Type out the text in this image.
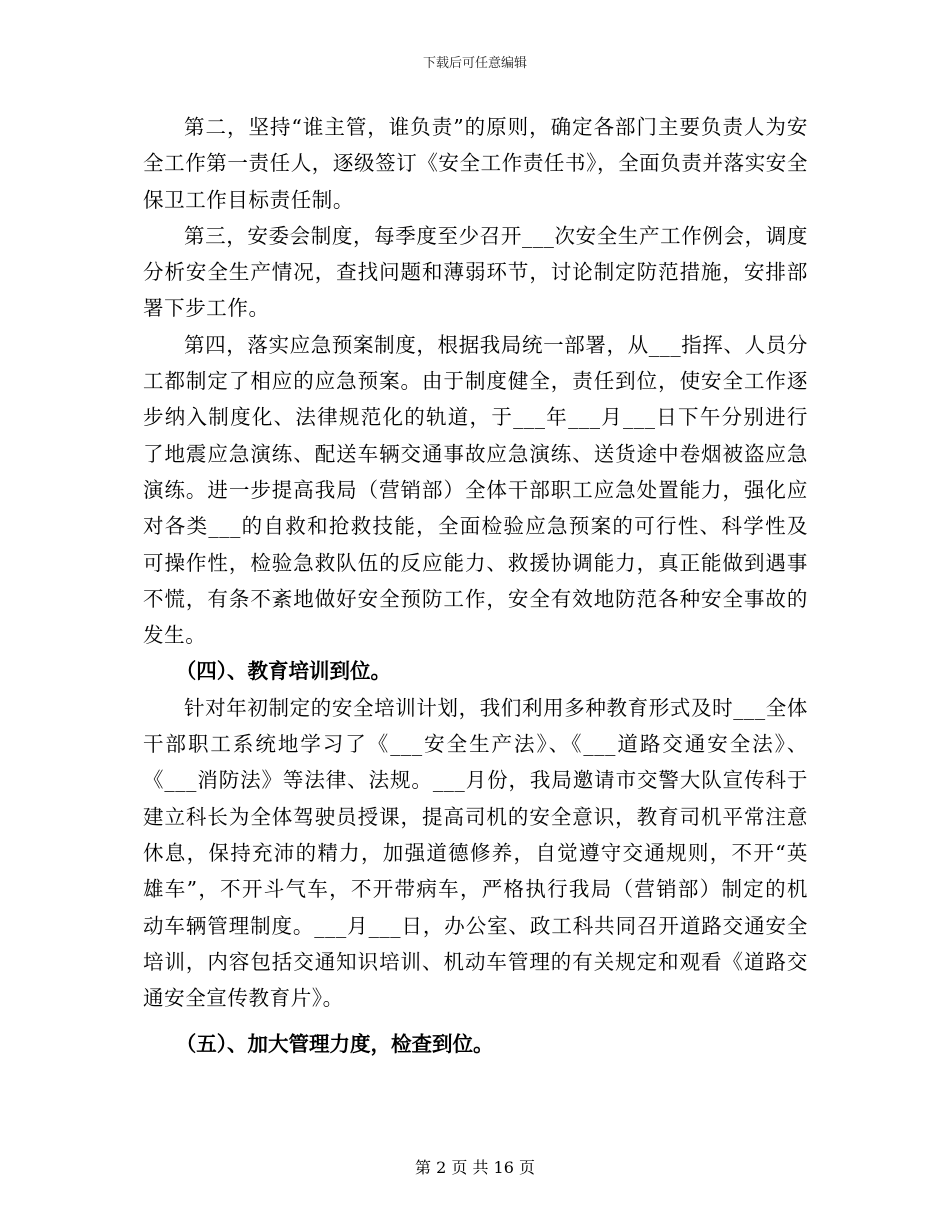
下载后可任意编辑

第二，坚持“谁主管，谁负责”的原则，确定各部门主要负责人为安全工作第一责任人，逐级签订《安全工作责任书》，全面负责并落实安全保卫工作目标责任制。

第三，安委会制度，每季度至少召开___次安全生产工作例会，调度分析安全生产情况，查找问题和薄弱环节，讨论制定防范措施，安排部署下步工作。

第四，落实应急预案制度，根据我局统一部署，从___指挥、人员分工都制定了相应的应急预案。由于制度健全，责任到位，使安全工作逐步纳入制度化、法律规范化的轨道，于___年___月___日下午分别进行了地震应急演练、配送车辆交通事故应急演练、送货途中卷烟被盗应急演练。进一步提高我局（营销部）全体干部职工应急处置能力，强化应对各类___的自救和抢救技能，全面检验应急预案的可行性、科学性及可操作性，检验急救队伍的反应能力、救援协调能力，真正能做到遇事不慌，有条不紊地做好安全预防工作，安全有效地防范各种安全事故的发生。

（四）、教育培训到位。

针对年初制定的安全培训计划，我们利用多种教育形式及时___全体干部职工系统地学习了《___安全生产法》、《___道路交通安全法》、《___消防法》等法律、法规。___月份，我局邀请市交警大队宣传科于建立科长为全体驾驶员授课，提高司机的安全意识，教育司机平常注意休息，保持充沛的精力，加强道德修养，自觉遵守交通规则，不开“英雄车”，不开斗气车，不开带病车，严格执行我局（营销部）制定的机动车辆管理制度。___月___日，办公室、政工科共同召开道路交通安全培训，内容包括交通知识培训、机动车管理的有关规定和观看《道路交通安全宣传教育片》。

（五）、加大管理力度，检查到位。

第 2 页 共 16 页
